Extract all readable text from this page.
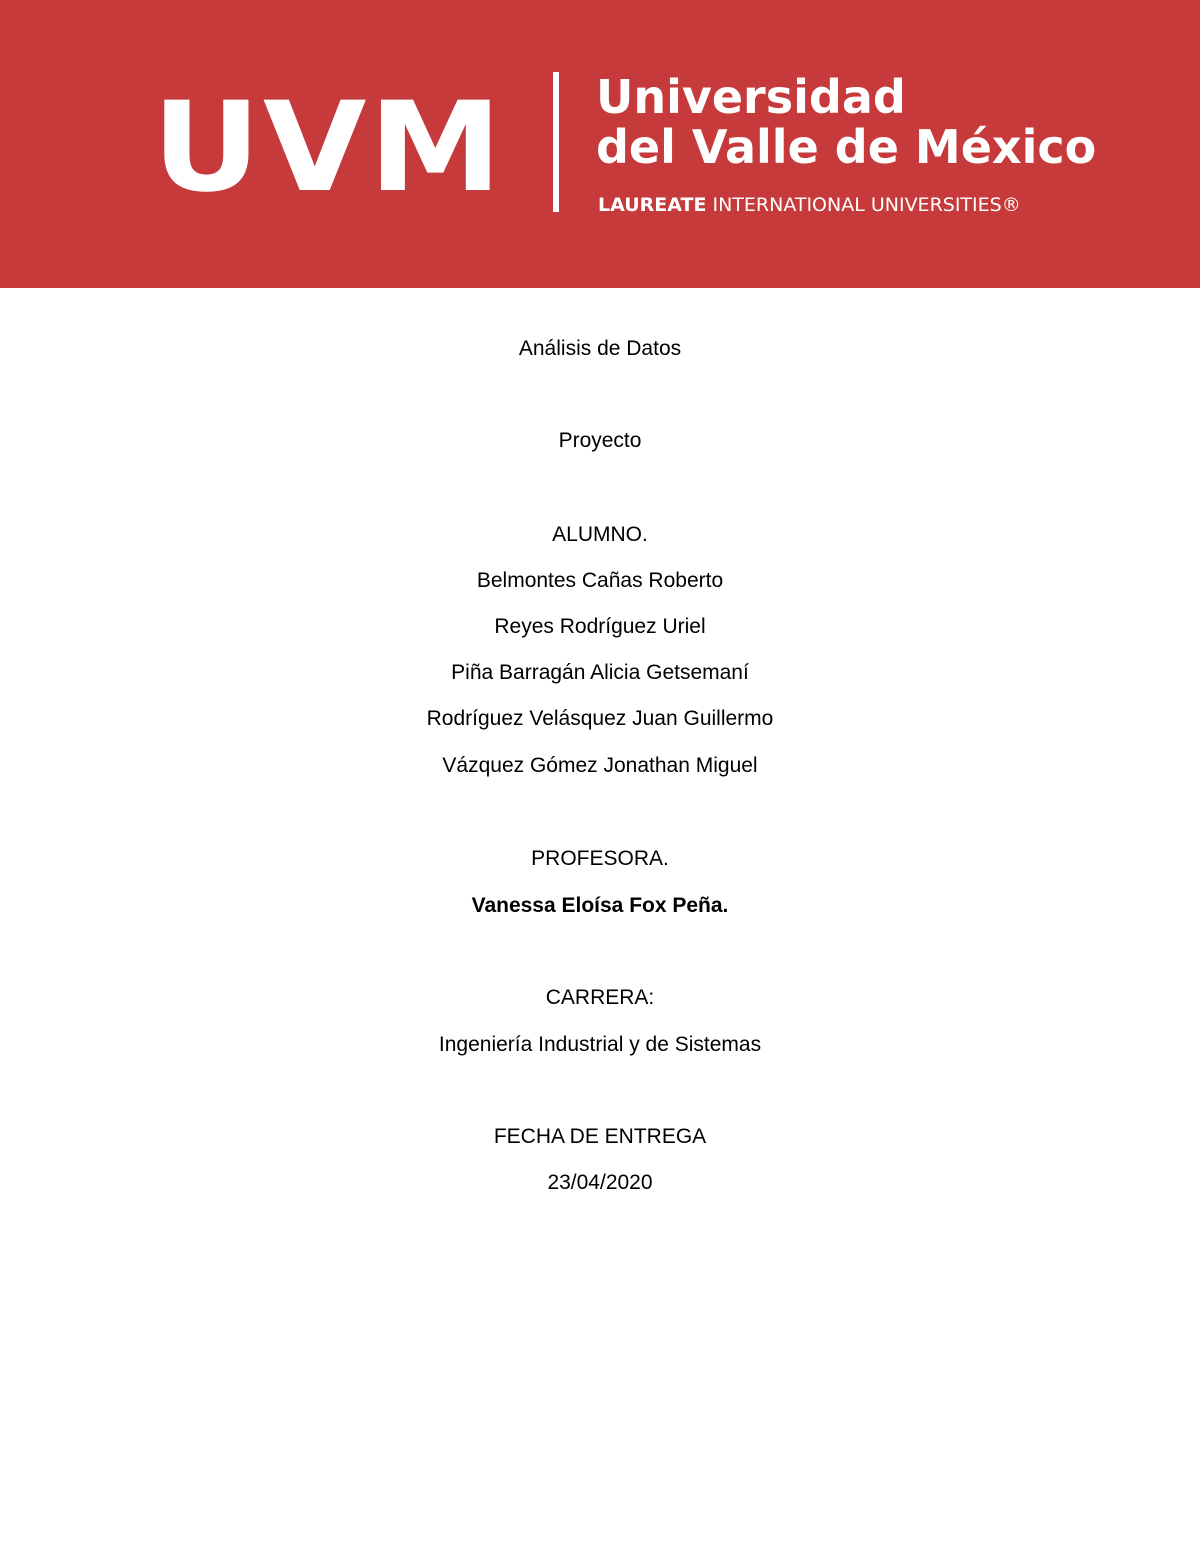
UVM Universidad
del Valle de México
LAUREATE INTERNATIONAL UNIVERSITIES®
Análisis de Datos
Proyecto
ALUMNO.
Belmontes Cañas Roberto
Reyes Rodríguez Uriel
Piña Barragán Alicia Getsemaní
Rodríguez Velásquez Juan Guillermo
Vázquez Gómez Jonathan Miguel
PROFESORA.
Vanessa Eloísa Fox Peña.
CARRERA:
Ingeniería Industrial y de Sistemas
FECHA DE ENTREGA
23/04/2020
